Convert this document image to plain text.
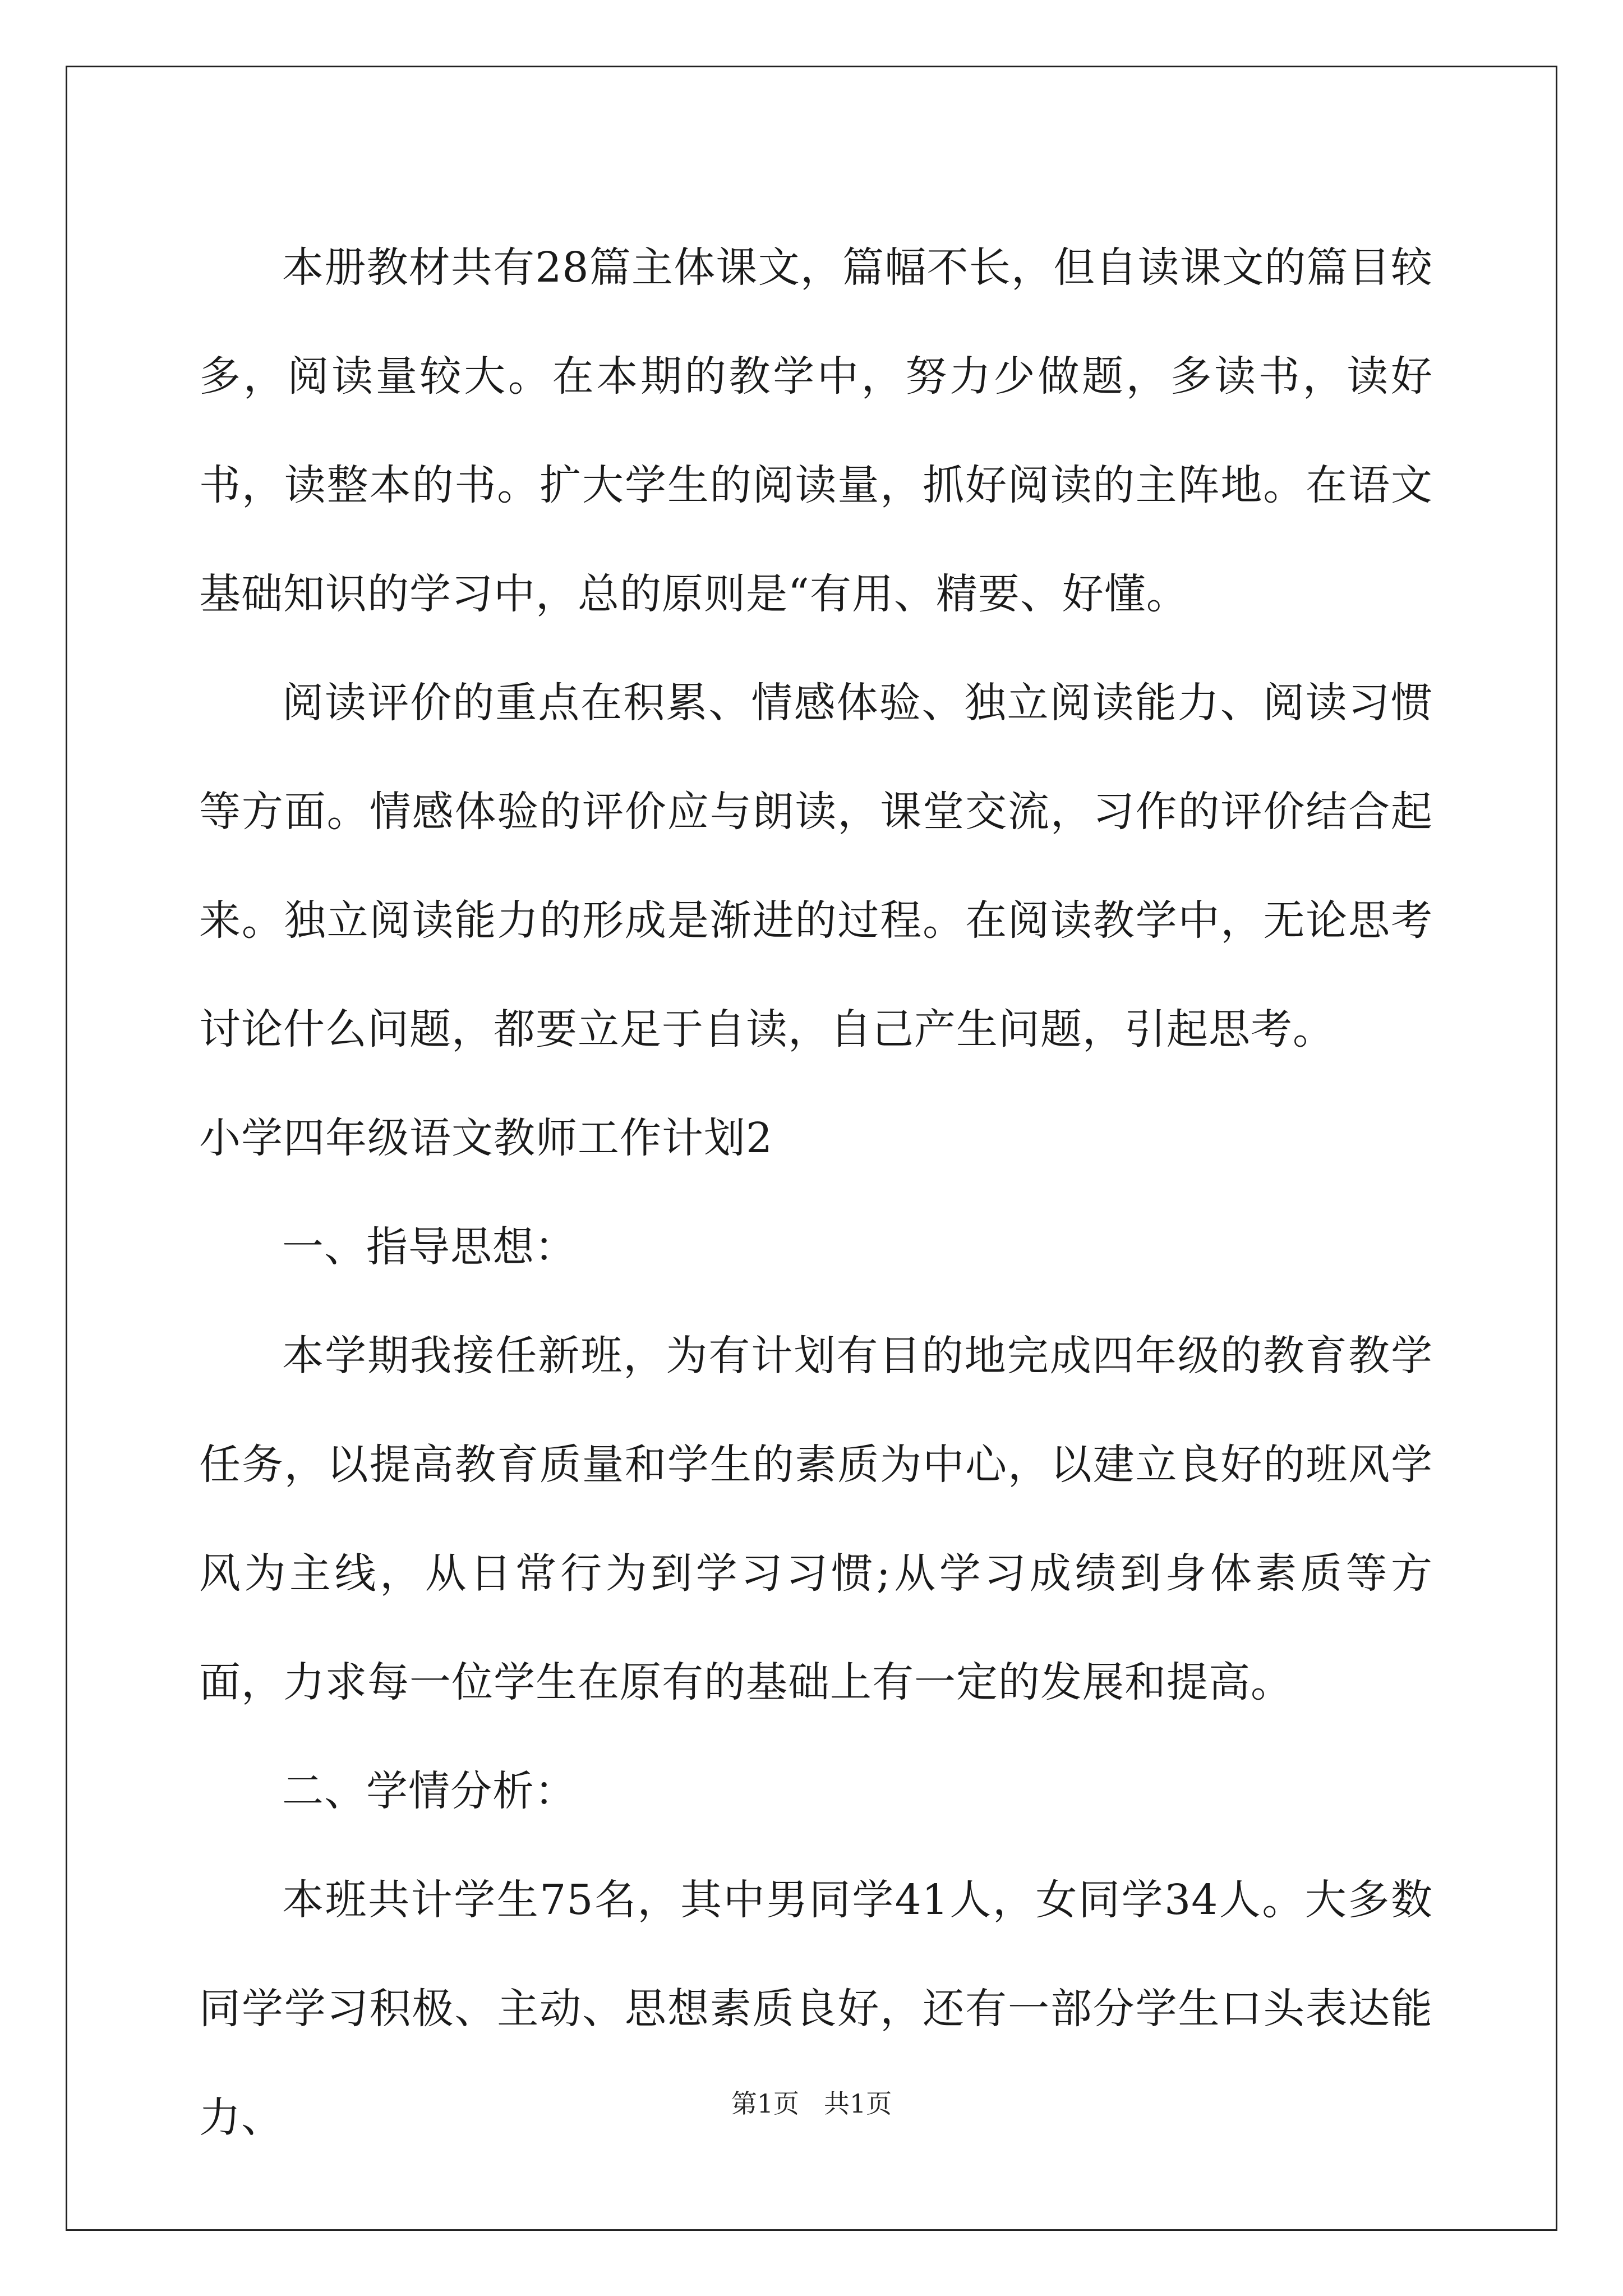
本册教材共有28篇主体课文，篇幅不长，但自读课文的篇目较多，阅读量较大。在本期的教学中，努力少做题，多读书，读好书，读整本的书。扩大学生的阅读量，抓好阅读的主阵地。在语文基础知识的学习中，总的原则是“有用、精要、好懂。

阅读评价的重点在积累、情感体验、独立阅读能力、阅读习惯等方面。情感体验的评价应与朗读，课堂交流，习作的评价结合起来。独立阅读能力的形成是渐进的过程。在阅读教学中，无论思考讨论什么问题，都要立足于自读，自己产生问题，引起思考。

小学四年级语文教师工作计划2

一、指导思想：

本学期我接任新班，为有计划有目的地完成四年级的教育教学任务，以提高教育质量和学生的素质为中心，以建立良好的班风学风为主线，从日常行为到学习习惯;从学习成绩到身体素质等方面，力求每一位学生在原有的基础上有一定的发展和提高。

二、学情分析：

本班共计学生75名，其中男同学41人，女同学34人。大多数同学学习积极、主动、思想素质良好，还有一部分学生口头表达能力、	第1页 共1页
